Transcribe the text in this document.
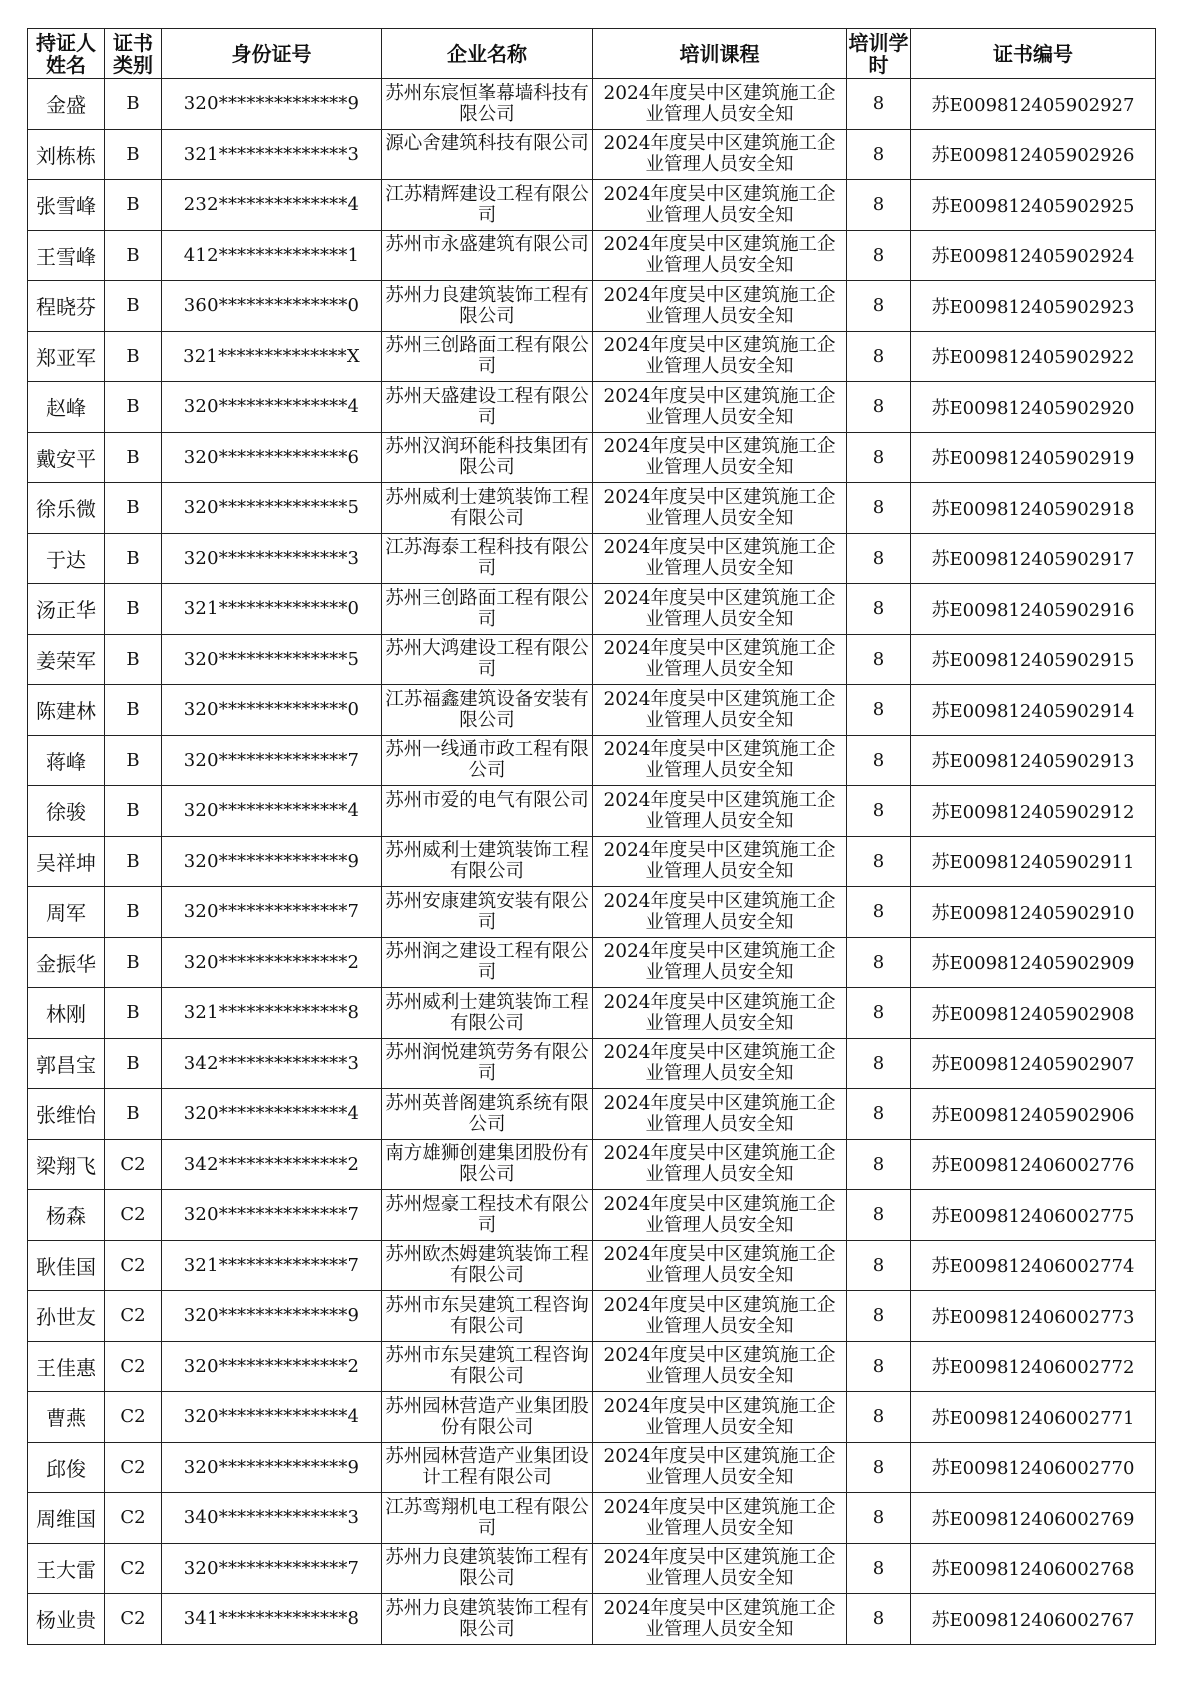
持证人姓名	证书类别	身份证号	企业名称	培训课程	培训学时	证书编号
金盛	B	320**************9	苏州东宸恒峯幕墙科技有限公司	2024年度吴中区建筑施工企业管理人员安全知	8	苏E009812405902927
刘栋栋	B	321**************3	源心舍建筑科技有限公司	2024年度吴中区建筑施工企业管理人员安全知	8	苏E009812405902926
张雪峰	B	232**************4	江苏精辉建设工程有限公司	2024年度吴中区建筑施工企业管理人员安全知	8	苏E009812405902925
王雪峰	B	412**************1	苏州市永盛建筑有限公司	2024年度吴中区建筑施工企业管理人员安全知	8	苏E009812405902924
程晓芬	B	360**************0	苏州力良建筑装饰工程有限公司	2024年度吴中区建筑施工企业管理人员安全知	8	苏E009812405902923
郑亚军	B	321**************X	苏州三创路面工程有限公司	2024年度吴中区建筑施工企业管理人员安全知	8	苏E009812405902922
赵峰	B	320**************4	苏州天盛建设工程有限公司	2024年度吴中区建筑施工企业管理人员安全知	8	苏E009812405902920
戴安平	B	320**************6	苏州汉润环能科技集团有限公司	2024年度吴中区建筑施工企业管理人员安全知	8	苏E009812405902919
徐乐微	B	320**************5	苏州威利士建筑装饰工程有限公司	2024年度吴中区建筑施工企业管理人员安全知	8	苏E009812405902918
于达	B	320**************3	江苏海泰工程科技有限公司	2024年度吴中区建筑施工企业管理人员安全知	8	苏E009812405902917
汤正华	B	321**************0	苏州三创路面工程有限公司	2024年度吴中区建筑施工企业管理人员安全知	8	苏E009812405902916
姜荣军	B	320**************5	苏州大鸿建设工程有限公司	2024年度吴中区建筑施工企业管理人员安全知	8	苏E009812405902915
陈建林	B	320**************0	江苏福鑫建筑设备安装有限公司	2024年度吴中区建筑施工企业管理人员安全知	8	苏E009812405902914
蒋峰	B	320**************7	苏州一线通市政工程有限公司	2024年度吴中区建筑施工企业管理人员安全知	8	苏E009812405902913
徐骏	B	320**************4	苏州市爱的电气有限公司	2024年度吴中区建筑施工企业管理人员安全知	8	苏E009812405902912
吴祥坤	B	320**************9	苏州威利士建筑装饰工程有限公司	2024年度吴中区建筑施工企业管理人员安全知	8	苏E009812405902911
周军	B	320**************7	苏州安康建筑安装有限公司	2024年度吴中区建筑施工企业管理人员安全知	8	苏E009812405902910
金振华	B	320**************2	苏州润之建设工程有限公司	2024年度吴中区建筑施工企业管理人员安全知	8	苏E009812405902909
林刚	B	321**************8	苏州威利士建筑装饰工程有限公司	2024年度吴中区建筑施工企业管理人员安全知	8	苏E009812405902908
郭昌宝	B	342**************3	苏州润悦建筑劳务有限公司	2024年度吴中区建筑施工企业管理人员安全知	8	苏E009812405902907
张维怡	B	320**************4	苏州英普阁建筑系统有限公司	2024年度吴中区建筑施工企业管理人员安全知	8	苏E009812405902906
梁翔飞	C2	342**************2	南方雄狮创建集团股份有限公司	2024年度吴中区建筑施工企业管理人员安全知	8	苏E009812406002776
杨森	C2	320**************7	苏州煜豪工程技术有限公司	2024年度吴中区建筑施工企业管理人员安全知	8	苏E009812406002775
耿佳国	C2	321**************7	苏州欧杰姆建筑装饰工程有限公司	2024年度吴中区建筑施工企业管理人员安全知	8	苏E009812406002774
孙世友	C2	320**************9	苏州市东吴建筑工程咨询有限公司	2024年度吴中区建筑施工企业管理人员安全知	8	苏E009812406002773
王佳惠	C2	320**************2	苏州市东吴建筑工程咨询有限公司	2024年度吴中区建筑施工企业管理人员安全知	8	苏E009812406002772
曹燕	C2	320**************4	苏州园林营造产业集团股份有限公司	2024年度吴中区建筑施工企业管理人员安全知	8	苏E009812406002771
邱俊	C2	320**************9	苏州园林营造产业集团设计工程有限公司	2024年度吴中区建筑施工企业管理人员安全知	8	苏E009812406002770
周维国	C2	340**************3	江苏鸾翔机电工程有限公司	2024年度吴中区建筑施工企业管理人员安全知	8	苏E009812406002769
王大雷	C2	320**************7	苏州力良建筑装饰工程有限公司	2024年度吴中区建筑施工企业管理人员安全知	8	苏E009812406002768
杨业贵	C2	341**************8	苏州力良建筑装饰工程有限公司	2024年度吴中区建筑施工企业管理人员安全知	8	苏E009812406002767
